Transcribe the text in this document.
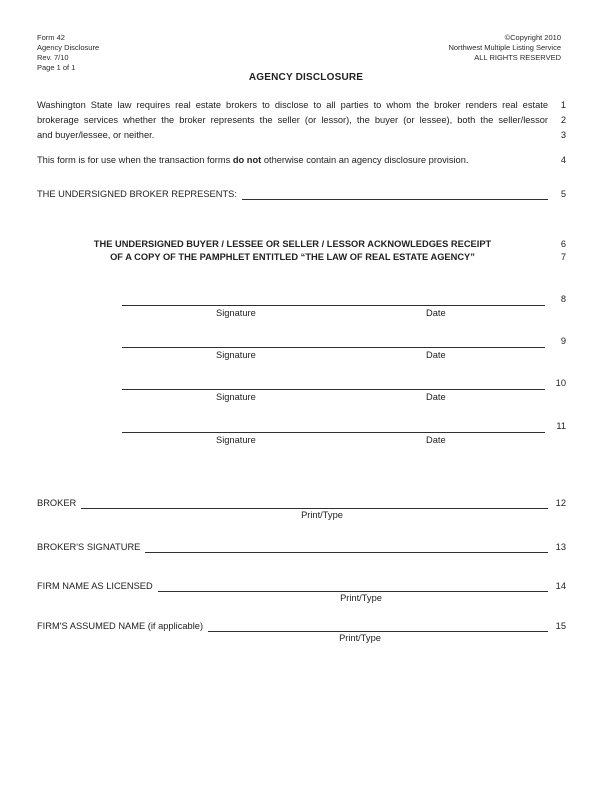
Form 42
Agency Disclosure
Rev. 7/10
Page 1 of 1
©Copyright 2010
Northwest Multiple Listing Service
ALL RIGHTS RESERVED
AGENCY DISCLOSURE
Washington State law requires real estate brokers to disclose to all parties to whom the broker renders real estate	1
brokerage services whether the broker represents the seller (or lessor), the buyer (or lessee), both the seller/lessor	2
and buyer/lessee, or neither.	3
This form is for use when the transaction forms do not otherwise contain an agency disclosure provision.	4
THE UNDERSIGNED BROKER REPRESENTS:	5
THE UNDERSIGNED BUYER / LESSEE OR SELLER / LESSOR ACKNOWLEDGES RECEIPT	6
OF A COPY OF THE PAMPHLET ENTITLED “THE LAW OF REAL ESTATE AGENCY”	7
8
Signature	Date
9
Signature	Date
10
Signature	Date
11
Signature	Date
BROKER	12
Print/Type
BROKER'S SIGNATURE	13
FIRM NAME AS LICENSED	14
Print/Type
FIRM'S ASSUMED NAME (if applicable)	15
Print/Type
